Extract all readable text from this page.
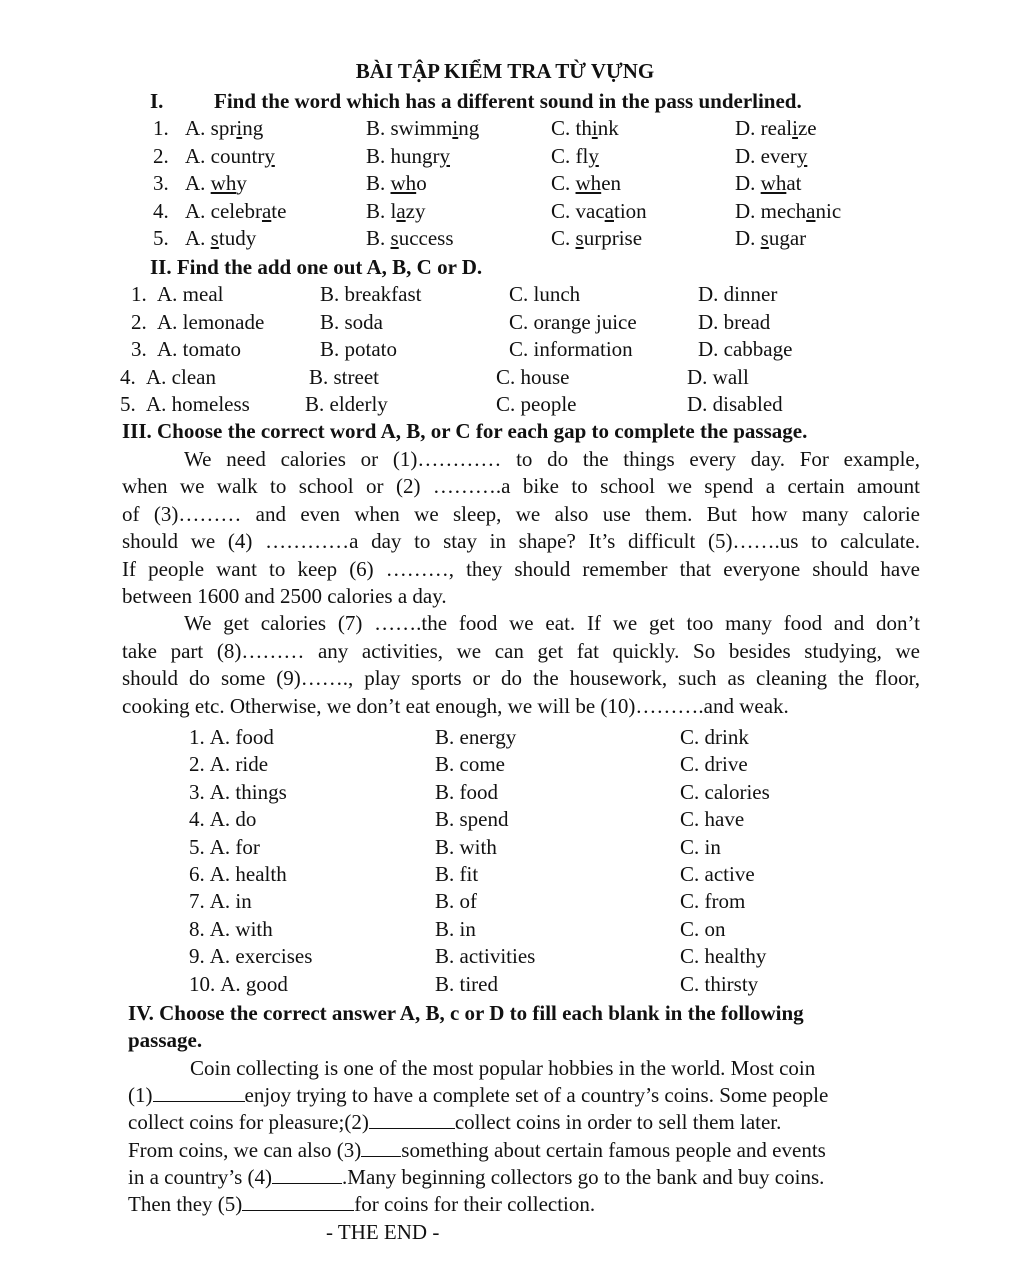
BÀI TẬP KIỂM TRA TỪ VỰNG
I. Find the word which has a different sound in the pass underlined.
1. A. spring	B. swimming	C. think	D. realize
2. A. country	B. hungry	C. fly	D. every
3. A. why	B. who	C. when	D. what
4. A. celebrate	B. lazy	C. vacation	D. mechanic
5. A. study	B. success	C. surprise	D. sugar
II. Find the add one out A, B, C or D.
1. A. meal	B. breakfast	C. lunch	D. dinner
2. A. lemonade	B. soda	C. orange juice	D. bread
3. A. tomato	B. potato	C. information	D. cabbage
4. A. clean	B. street	C. house	D. wall
5. A. homeless	B. elderly	C. people	D. disabled
III. Choose the correct word A, B, or C for each gap to complete the passage.
We need calories or (1)………… to do the things every day. For example,
when we walk to school or (2) ……….a bike to school we spend a certain amount
of (3)……… and even when we sleep, we also use them. But how many calorie
should we (4) …………a day to stay in shape? It’s difficult (5)…….us to calculate.
If people want to keep (6) ………, they should remember that everyone should have
between 1600 and 2500 calories a day.
We get calories (7) …….the food we eat. If we get too many food and don’t
take part (8)……… any activities, we can get fat quickly. So besides studying, we
should do some (9)……., play sports or do the housework, such as cleaning the floor,
cooking etc. Otherwise, we don’t eat enough, we will be (10)……….and weak.
1. A. food	B. energy	C. drink
2. A. ride	B. come	C. drive
3. A. things	B. food	C. calories
4. A. do	B. spend	C. have
5. A. for	B. with	C. in
6. A. health	B. fit	C. active
7. A. in	B. of	C. from
8. A. with	B. in	C. on
9. A. exercises	B. activities	C. healthy
10. A. good	B. tired	C. thirsty
IV. Choose the correct answer A, B, c or D to fill each blank in the following
passage.
Coin collecting is one of the most popular hobbies in the world. Most coin
(1)	enjoy trying to have a complete set of a country’s coins. Some people
collect coins for pleasure;(2)	collect coins in order to sell them later.
From coins, we can also (3) something about certain famous people and events
in a country’s (4)	.Many beginning collectors go to the bank and buy coins.
Then they (5)	for coins for their collection.
- THE END -
